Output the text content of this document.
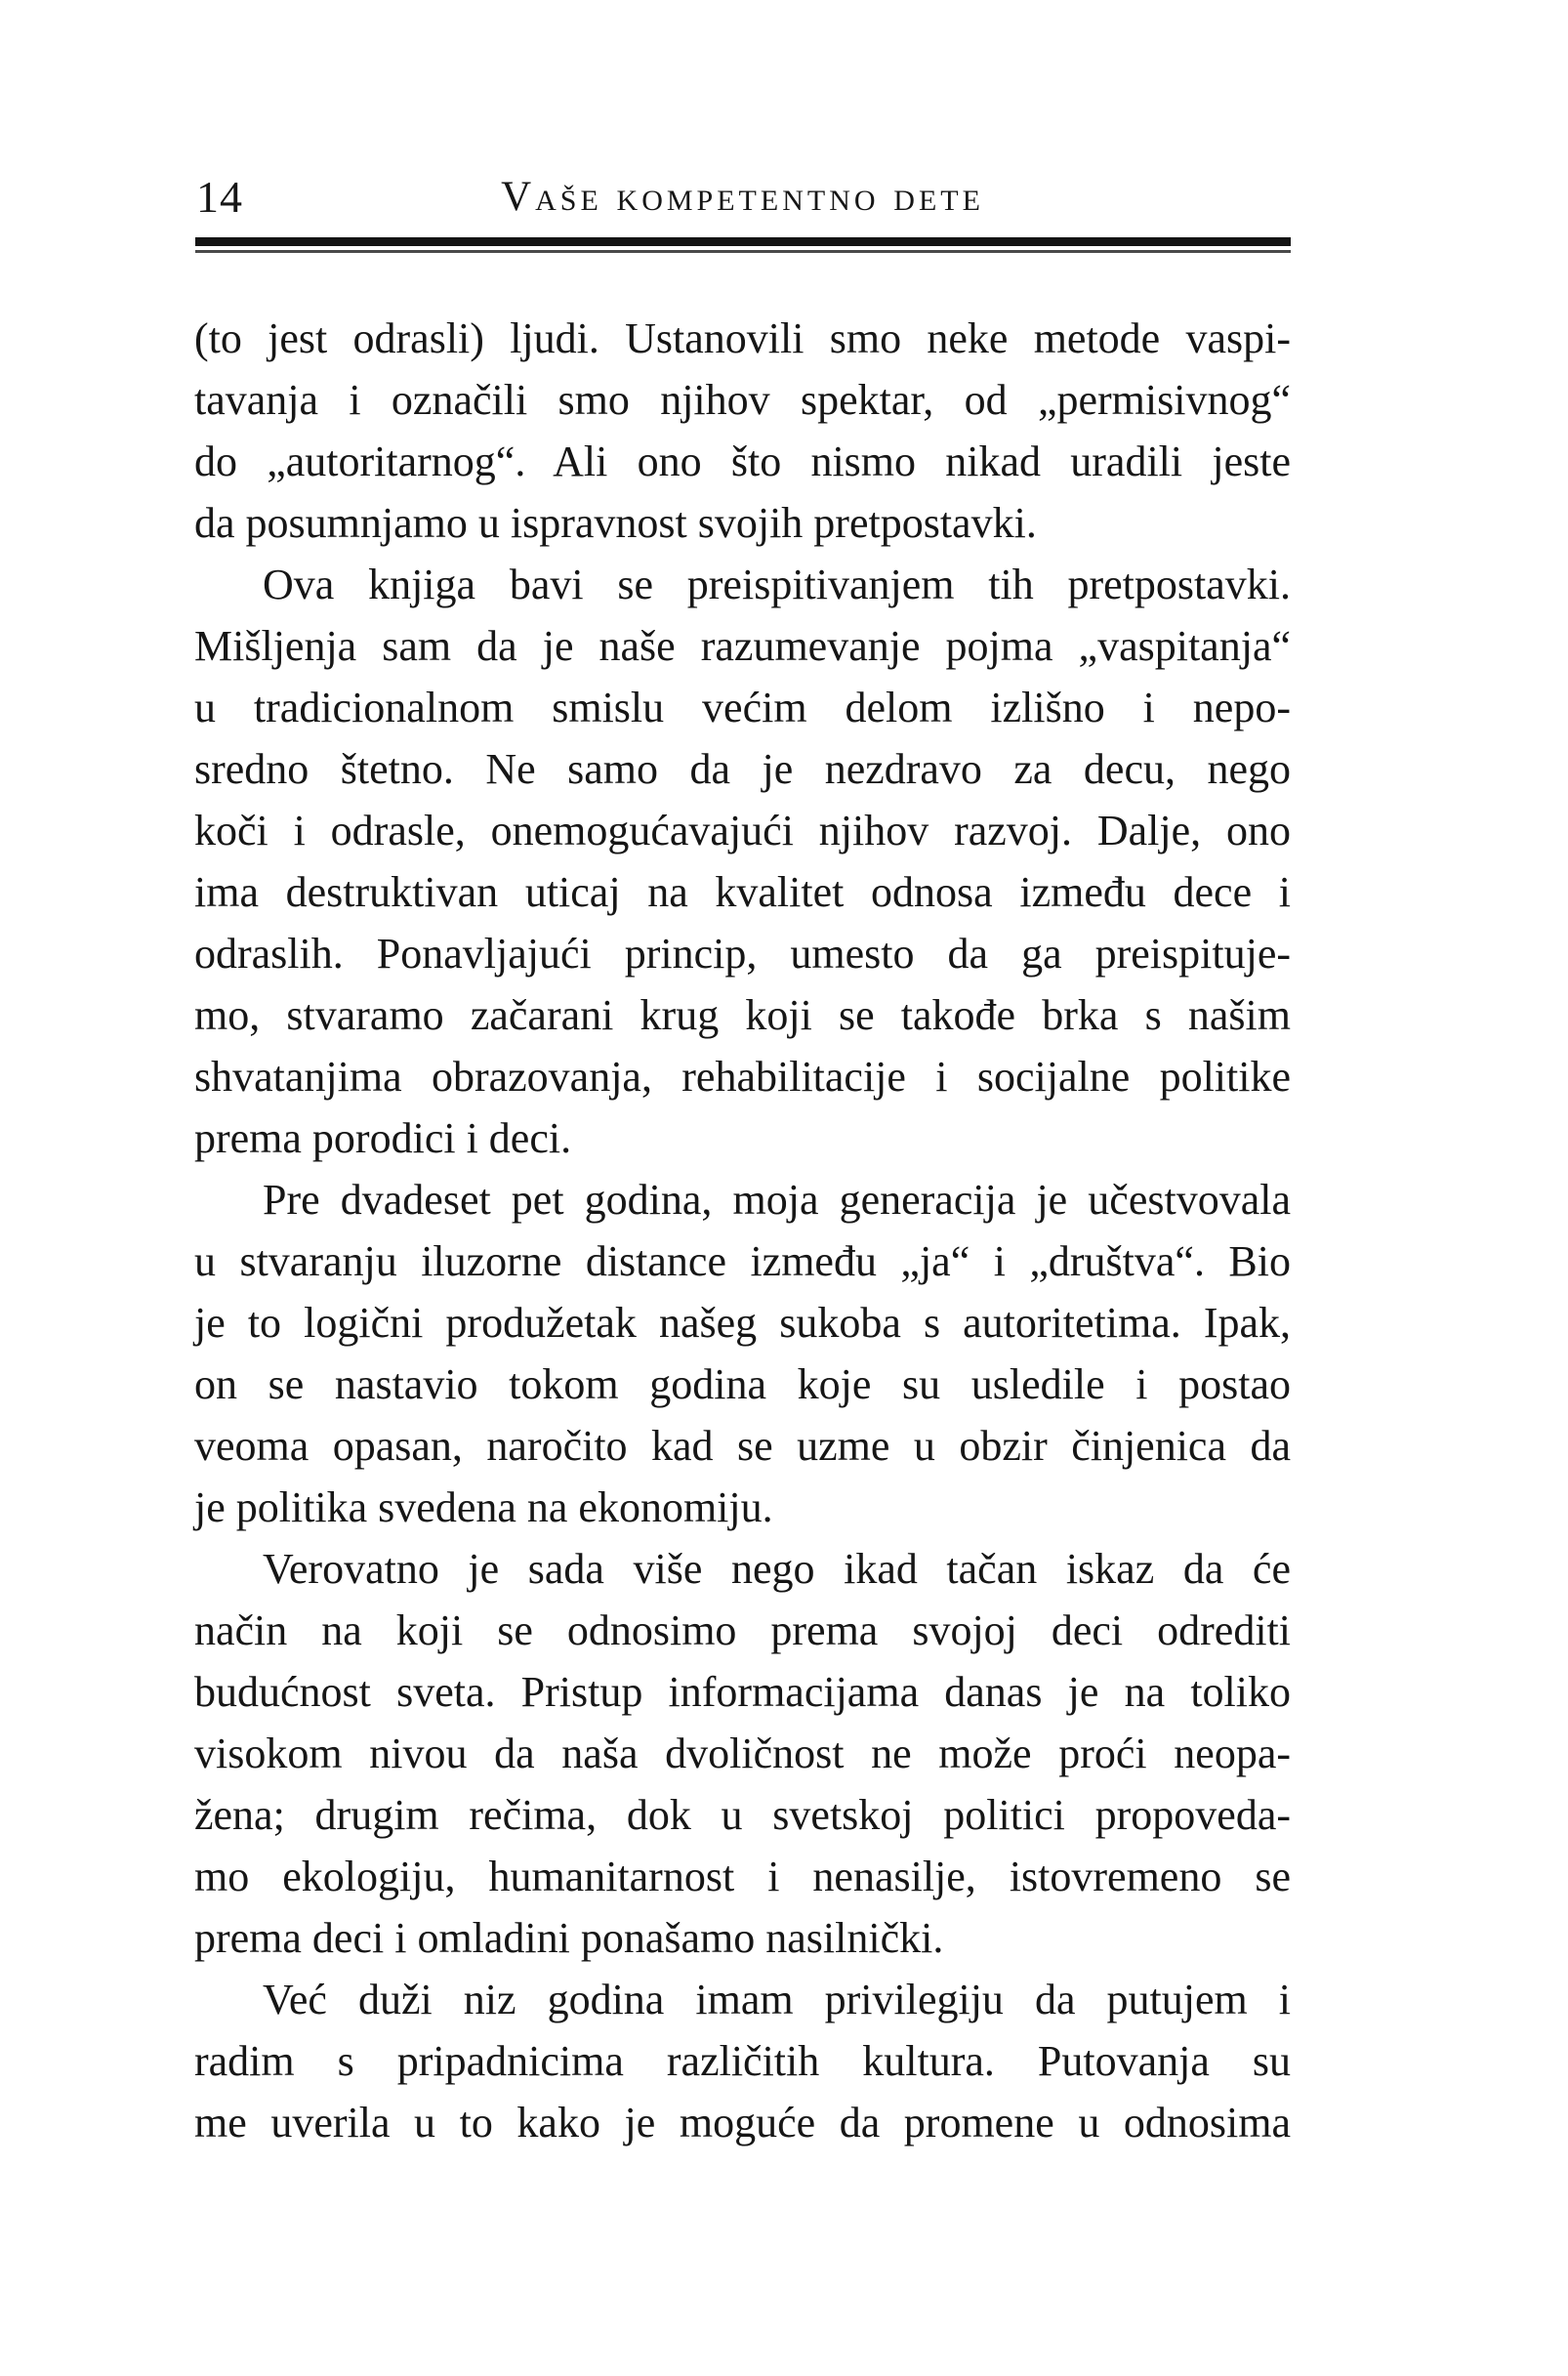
14	Vaše kompetentno dete
(to jest odrasli) ljudi. Ustanovili smo neke metode vaspi-
tavanja i označili smo njihov spektar, od „permisivnog“
do „autoritarnog“. Ali ono što nismo nikad uradili jeste
da posumnjamo u ispravnost svojih pretpostavki.
Ova knjiga bavi se preispitivanjem tih pretpostavki.
Mišljenja sam da je naše razumevanje pojma „vaspitanja“
u tradicionalnom smislu većim delom izlišno i nepo-
sredno štetno. Ne samo da je nezdravo za decu, nego
koči i odrasle, onemogućavajući njihov razvoj. Dalje, ono
ima destruktivan uticaj na kvalitet odnosa između dece i
odraslih. Ponavljajući princip, umesto da ga preispituje-
mo, stvaramo začarani krug koji se takođe brka s našim
shvatanjima obrazovanja, rehabilitacije i socijalne politike
prema porodici i deci.
Pre dvadeset pet godina, moja generacija je učestvovala
u stvaranju iluzorne distance između „ja“ i „društva“. Bio
je to logični produžetak našeg sukoba s autoritetima. Ipak,
on se nastavio tokom godina koje su usledile i postao
veoma opasan, naročito kad se uzme u obzir činjenica da
je politika svedena na ekonomiju.
Verovatno je sada više nego ikad tačan iskaz da će
način na koji se odnosimo prema svojoj deci odrediti
budućnost sveta. Pristup informacijama danas je na toliko
visokom nivou da naša dvoličnost ne može proći neopa-
žena; drugim rečima, dok u svetskoj politici propoveda-
mo ekologiju, humanitarnost i nenasilje, istovremeno se
prema deci i omladini ponašamo nasilnički.
Već duži niz godina imam privilegiju da putujem i
radim s pripadnicima različitih kultura. Putovanja su
me uverila u to kako je moguće da promene u odnosima
